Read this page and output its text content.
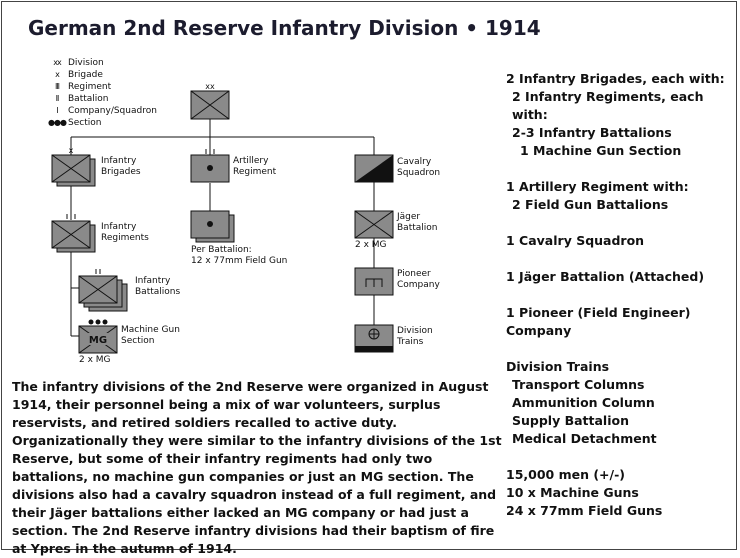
German 2nd Reserve Infantry Division • 1914
xx Division
x	Brigade
III Regiment
II	Battalion
I	Company/Squadron
●●● Section
xx
x
MG
Infantry
Brigades
Infantry
Regiments
Infantry
Battalions
Machine Gun
Section
2 x MG
Artillery
Regiment
Per Battalion:
12 x 77mm Field Gun
Cavalry
Squadron
Jäger
Battalion
2 x MG
Pioneer
Company
Division
Trains
2 Infantry Brigades, each with:
2 Infantry Regiments, each with:
2-3 Infantry Battalions
1 Machine Gun Section
1 Artillery Regiment with:
2 Field Gun Battalions
1 Cavalry Squadron
1 Jäger Battalion (Attached)
1 Pioneer (Field Engineer) Company
Division Trains
Transport Columns
Ammunition Column
Supply Battalion
Medical Detachment
15,000 men (+/-)
10 x Machine Guns
24 x 77mm Field Guns
The infantry divisions of the 2nd Reserve were organized in August 1914, their personnel being a mix of war volunteers, surplus reservists, and retired soldiers recalled to active duty. Organizationally they were similar to the infantry divisions of the 1st Reserve, but some of their infantry regiments had only two battalions, no machine gun companies or just an MG section. The divisions also had a cavalry squadron instead of a full regiment, and their Jäger battalions either lacked an MG company or had just a section. The 2nd Reserve infantry divisions had their baptism of fire at Ypres in the autumn of 1914.
